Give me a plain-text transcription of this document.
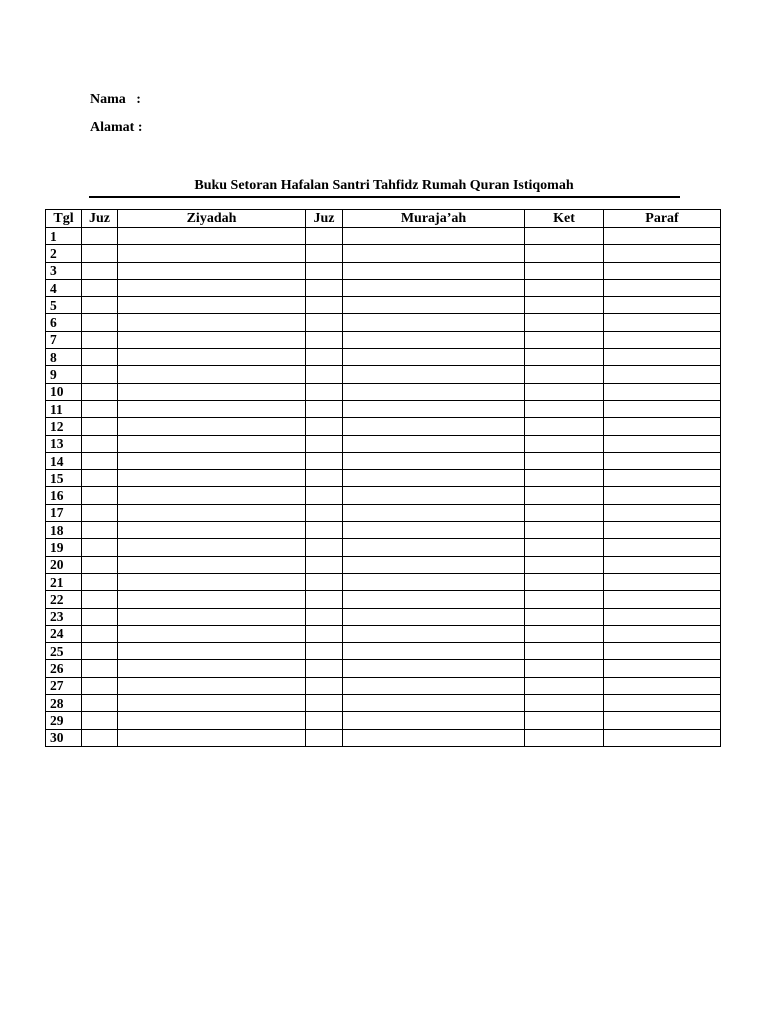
Nama   :
Alamat :
Buku Setoran Hafalan Santri Tahfidz Rumah Quran Istiqomah
Tgl	Juz	Ziyadah	Juz	Muraja’ah	Ket	Paraf
1						
2						
3						
4						
5						
6						
7						
8						
9						
10						
11						
12						
13						
14						
15						
16						
17						
18						
19						
20						
21						
22						
23						
24						
25						
26						
27						
28						
29						
30						
